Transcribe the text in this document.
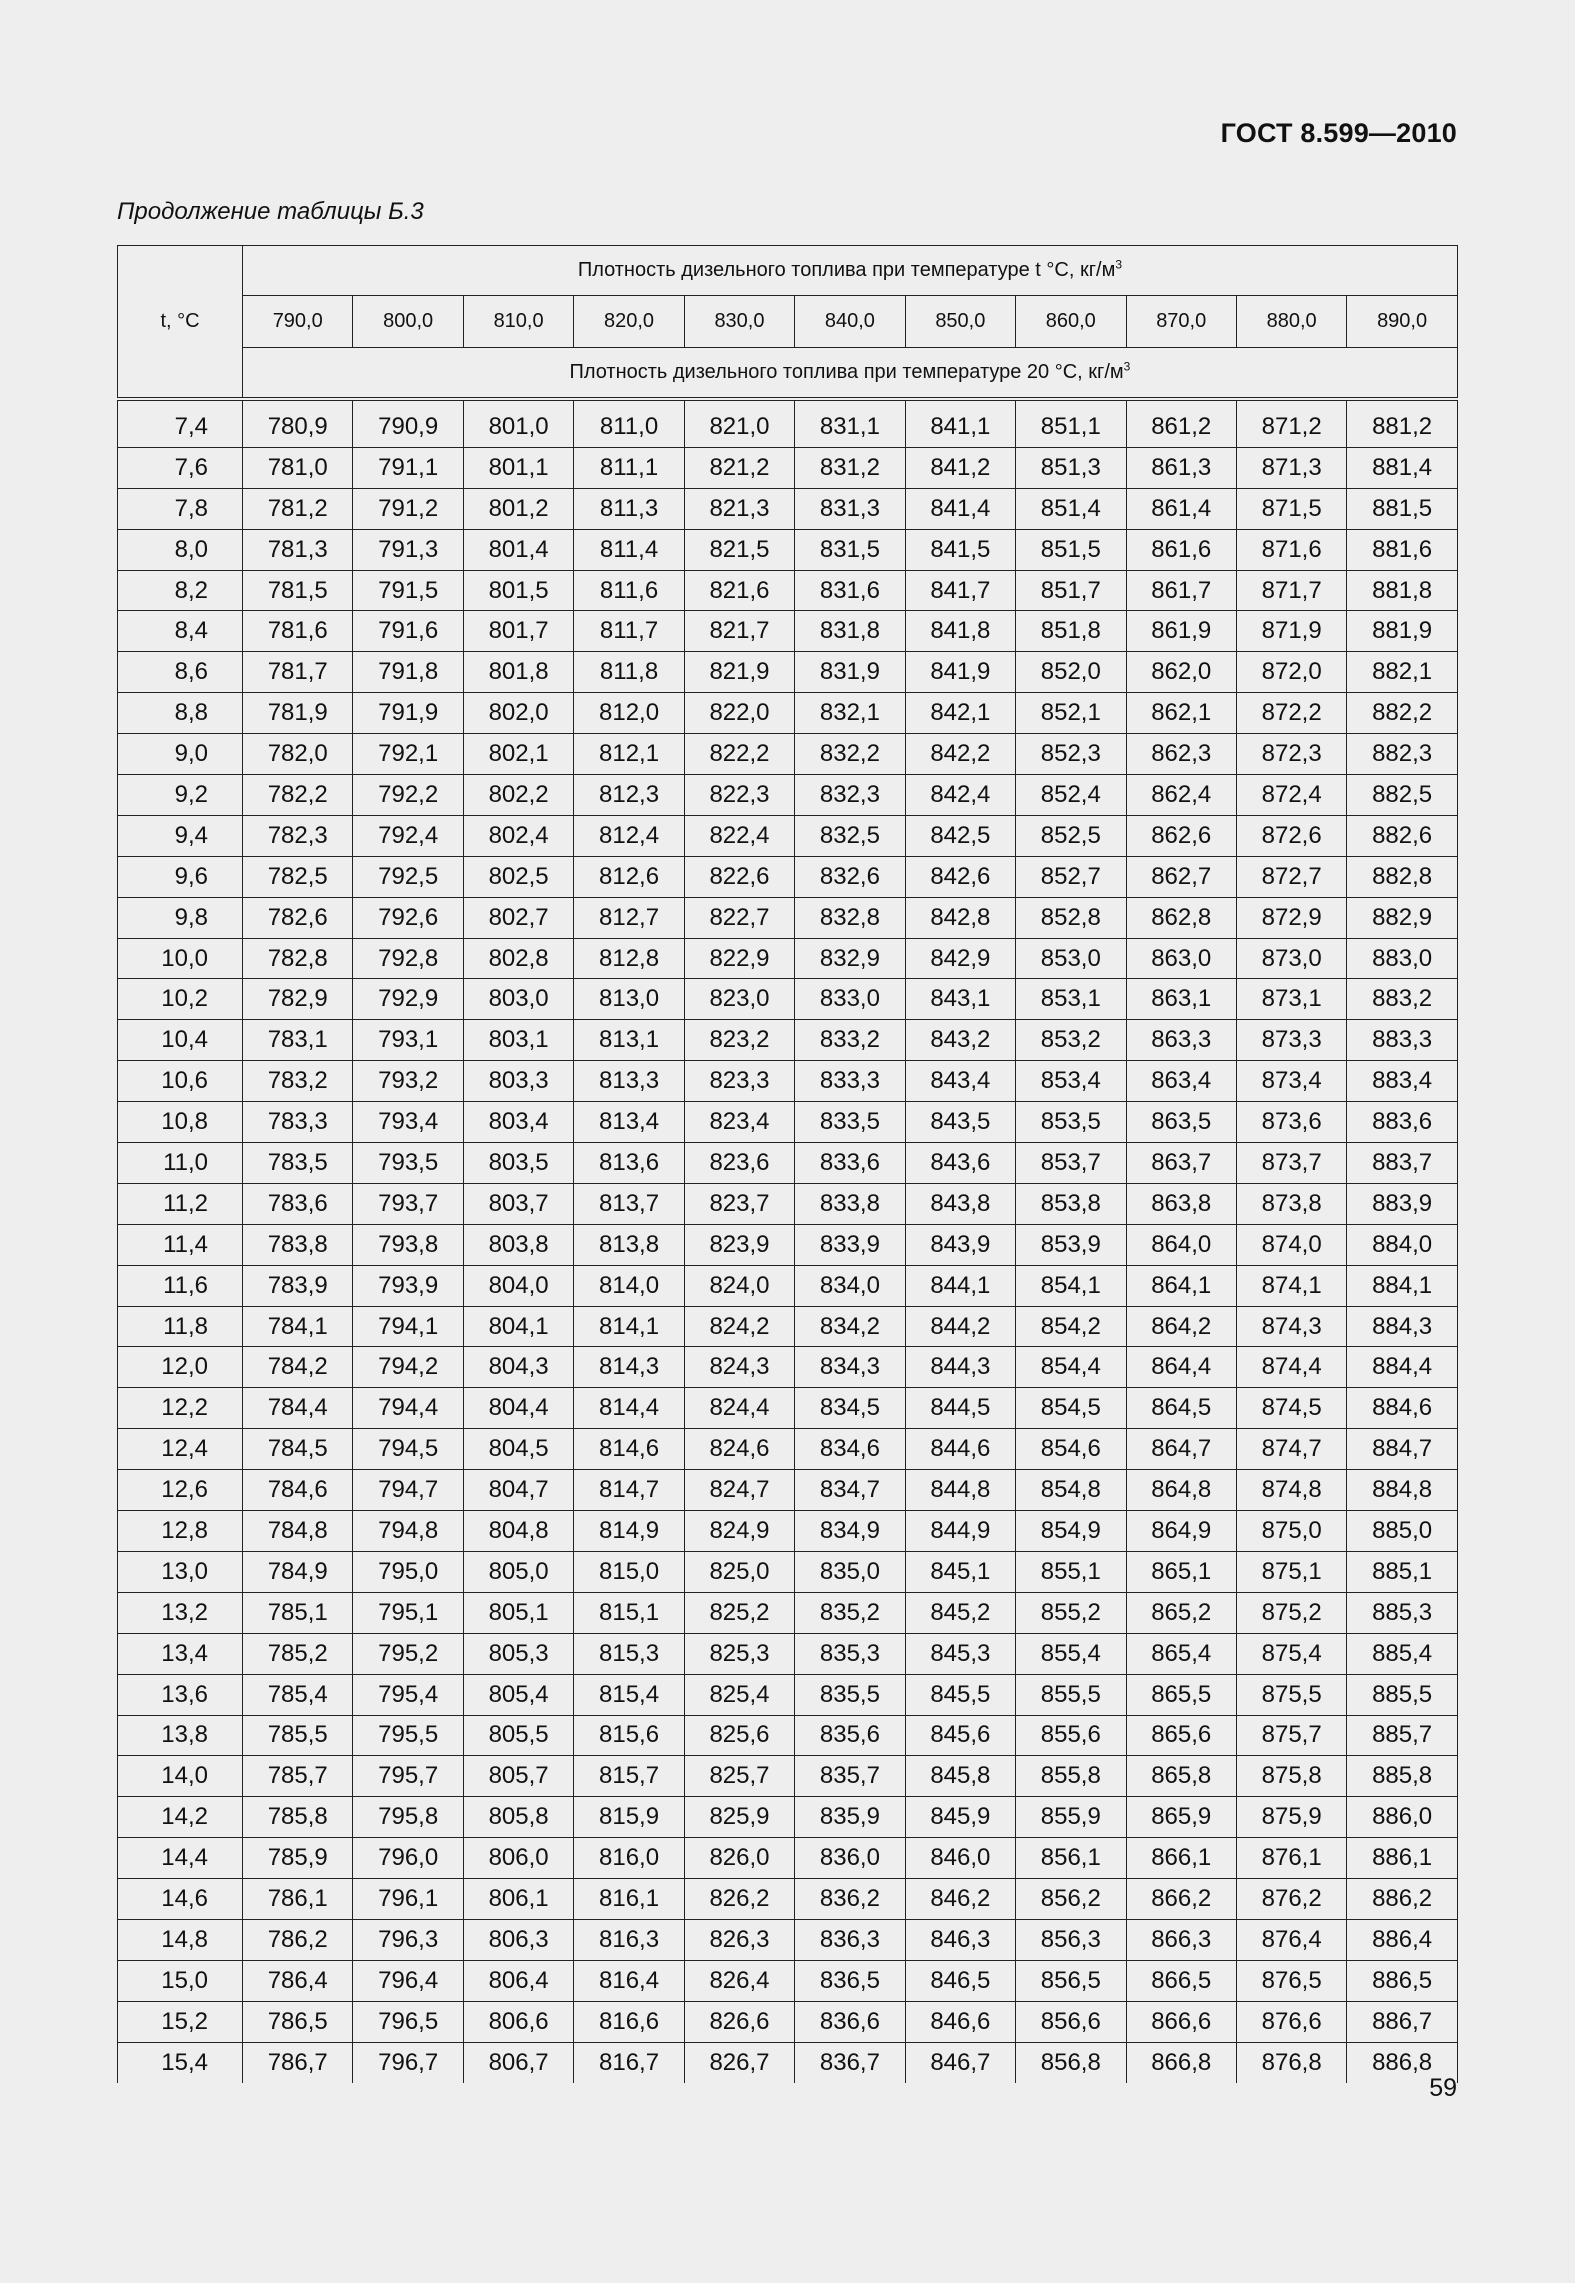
ГОСТ 8.599—2010
Продолжение таблицы Б.3
t, °С	Плотность дизельного топлива при температуре t °С, $кг/м^3$
	790,0	800,0	810,0	820,0	830,0	840,0	850,0	860,0	870,0	880,0	890,0
	Плотность дизельного топлива при температуре 20 °С, $кг/м^3$

7,4	780,9	790,9	801,0	811,0	821,0	831,1	841,1	851,1	861,2	871,2	881,2
7,6	781,0	791,1	801,1	811,1	821,2	831,2	841,2	851,3	861,3	871,3	881,4
7,8	781,2	791,2	801,2	811,3	821,3	831,3	841,4	851,4	861,4	871,5	881,5
8,0	781,3	791,3	801,4	811,4	821,5	831,5	841,5	851,5	861,6	871,6	881,6
8,2	781,5	791,5	801,5	811,6	821,6	831,6	841,7	851,7	861,7	871,7	881,8
8,4	781,6	791,6	801,7	811,7	821,7	831,8	841,8	851,8	861,9	871,9	881,9
8,6	781,7	791,8	801,8	811,8	821,9	831,9	841,9	852,0	862,0	872,0	882,1
8,8	781,9	791,9	802,0	812,0	822,0	832,1	842,1	852,1	862,1	872,2	882,2
9,0	782,0	792,1	802,1	812,1	822,2	832,2	842,2	852,3	862,3	872,3	882,3
9,2	782,2	792,2	802,2	812,3	822,3	832,3	842,4	852,4	862,4	872,4	882,5
9,4	782,3	792,4	802,4	812,4	822,4	832,5	842,5	852,5	862,6	872,6	882,6
9,6	782,5	792,5	802,5	812,6	822,6	832,6	842,6	852,7	862,7	872,7	882,8
9,8	782,6	792,6	802,7	812,7	822,7	832,8	842,8	852,8	862,8	872,9	882,9
10,0	782,8	792,8	802,8	812,8	822,9	832,9	842,9	853,0	863,0	873,0	883,0
10,2	782,9	792,9	803,0	813,0	823,0	833,0	843,1	853,1	863,1	873,1	883,2
10,4	783,1	793,1	803,1	813,1	823,2	833,2	843,2	853,2	863,3	873,3	883,3
10,6	783,2	793,2	803,3	813,3	823,3	833,3	843,4	853,4	863,4	873,4	883,4
10,8	783,3	793,4	803,4	813,4	823,4	833,5	843,5	853,5	863,5	873,6	883,6
11,0	783,5	793,5	803,5	813,6	823,6	833,6	843,6	853,7	863,7	873,7	883,7
11,2	783,6	793,7	803,7	813,7	823,7	833,8	843,8	853,8	863,8	873,8	883,9
11,4	783,8	793,8	803,8	813,8	823,9	833,9	843,9	853,9	864,0	874,0	884,0
11,6	783,9	793,9	804,0	814,0	824,0	834,0	844,1	854,1	864,1	874,1	884,1
11,8	784,1	794,1	804,1	814,1	824,2	834,2	844,2	854,2	864,2	874,3	884,3
12,0	784,2	794,2	804,3	814,3	824,3	834,3	844,3	854,4	864,4	874,4	884,4
12,2	784,4	794,4	804,4	814,4	824,4	834,5	844,5	854,5	864,5	874,5	884,6
12,4	784,5	794,5	804,5	814,6	824,6	834,6	844,6	854,6	864,7	874,7	884,7
12,6	784,6	794,7	804,7	814,7	824,7	834,7	844,8	854,8	864,8	874,8	884,8
12,8	784,8	794,8	804,8	814,9	824,9	834,9	844,9	854,9	864,9	875,0	885,0
13,0	784,9	795,0	805,0	815,0	825,0	835,0	845,1	855,1	865,1	875,1	885,1
13,2	785,1	795,1	805,1	815,1	825,2	835,2	845,2	855,2	865,2	875,2	885,3
13,4	785,2	795,2	805,3	815,3	825,3	835,3	845,3	855,4	865,4	875,4	885,4
13,6	785,4	795,4	805,4	815,4	825,4	835,5	845,5	855,5	865,5	875,5	885,5
13,8	785,5	795,5	805,5	815,6	825,6	835,6	845,6	855,6	865,6	875,7	885,7
14,0	785,7	795,7	805,7	815,7	825,7	835,7	845,8	855,8	865,8	875,8	885,8
14,2	785,8	795,8	805,8	815,9	825,9	835,9	845,9	855,9	865,9	875,9	886,0
14,4	785,9	796,0	806,0	816,0	826,0	836,0	846,0	856,1	866,1	876,1	886,1
14,6	786,1	796,1	806,1	816,1	826,2	836,2	846,2	856,2	866,2	876,2	886,2
14,8	786,2	796,3	806,3	816,3	826,3	836,3	846,3	856,3	866,3	876,4	886,4
15,0	786,4	796,4	806,4	816,4	826,4	836,5	846,5	856,5	866,5	876,5	886,5
15,2	786,5	796,5	806,6	816,6	826,6	836,6	846,6	856,6	866,6	876,6	886,7
15,4	786,7	796,7	806,7	816,7	826,7	836,7	846,7	856,8	866,8	876,8	886,8
59
